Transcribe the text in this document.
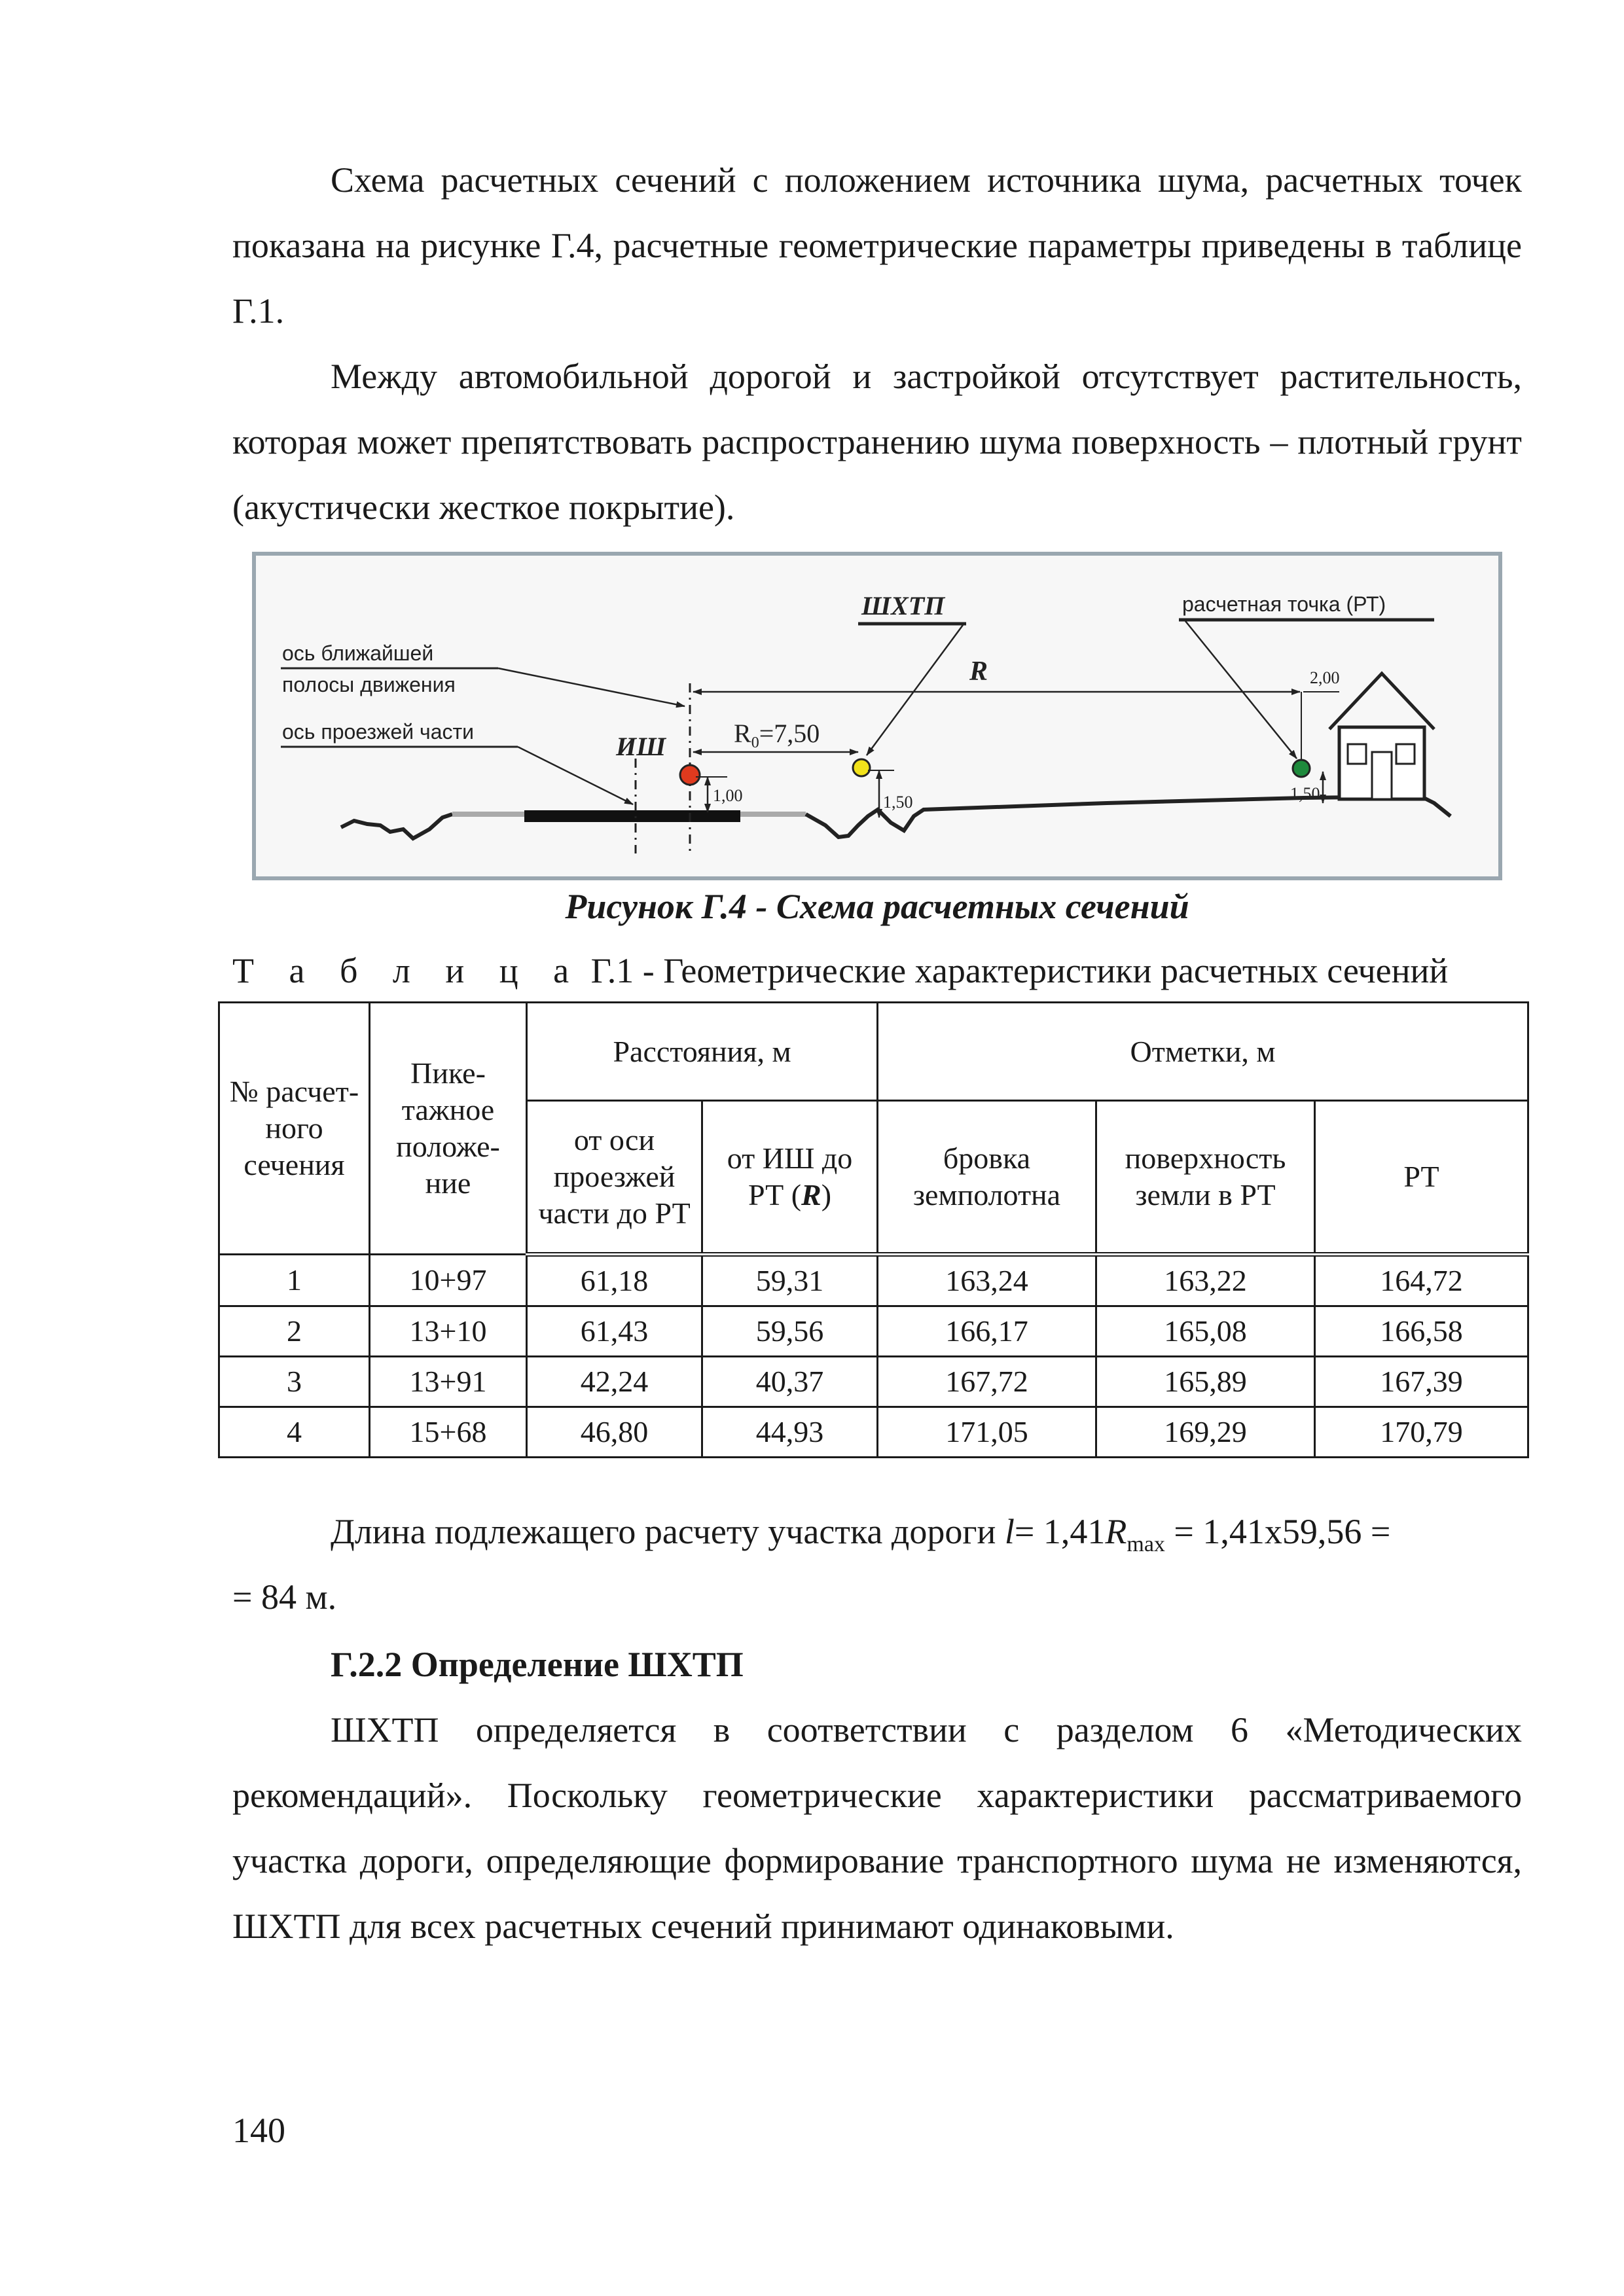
Схема расчетных сечений с положением источника шума, расчетных точек показана на рисунке Г.4, расчетные геометрические параметры приведены в таблице Г.1.

Между автомобильной дорогой и застройкой отсутствует растительность, которая может препятствовать распространению шума поверхность – плотный грунт (акустически жесткое покрытие).

ось ближайшей
полосы движения
ось проезжей части	ИШ
1,00
$R_0=7,50$
1,50
ШХТП
R
расчетная точка (РТ)
1,50
2,00
Рисунок Г.4 - Схема расчетных сечений
Т а б л и ц а Г.1 - Геометрические характеристики расчетных сечений
№ расчет-ного сечения	Пике-тажное положе-ние	Расстояния, м		Отметки, м		
		от оси проезжей части до РТ	от ИШ до РТ (R)	бровка земполотна	поверхность земли в РТ	РТ
1	10+97	61,18	59,31	163,24	163,22	164,72
2	13+10	61,43	59,56	166,17	165,08	166,58
3	13+91	42,24	40,37	167,72	165,89	167,39
4	15+68	46,80	44,93	171,05	169,29	170,79

Длина подлежащего расчету участка дороги $l= 1,41R_{max} = 1,41х59,56$ =

= 84 м.

Г.2.2 Определение ШХТП

ШХТП определяется в соответствии с разделом 6 «Методических рекомендаций». Поскольку геометрические характеристики рассматриваемого участка дороги, определяющие формирование транспортного шума не изменяются, ШХТП для всех расчетных сечений принимают одинаковыми.

140
